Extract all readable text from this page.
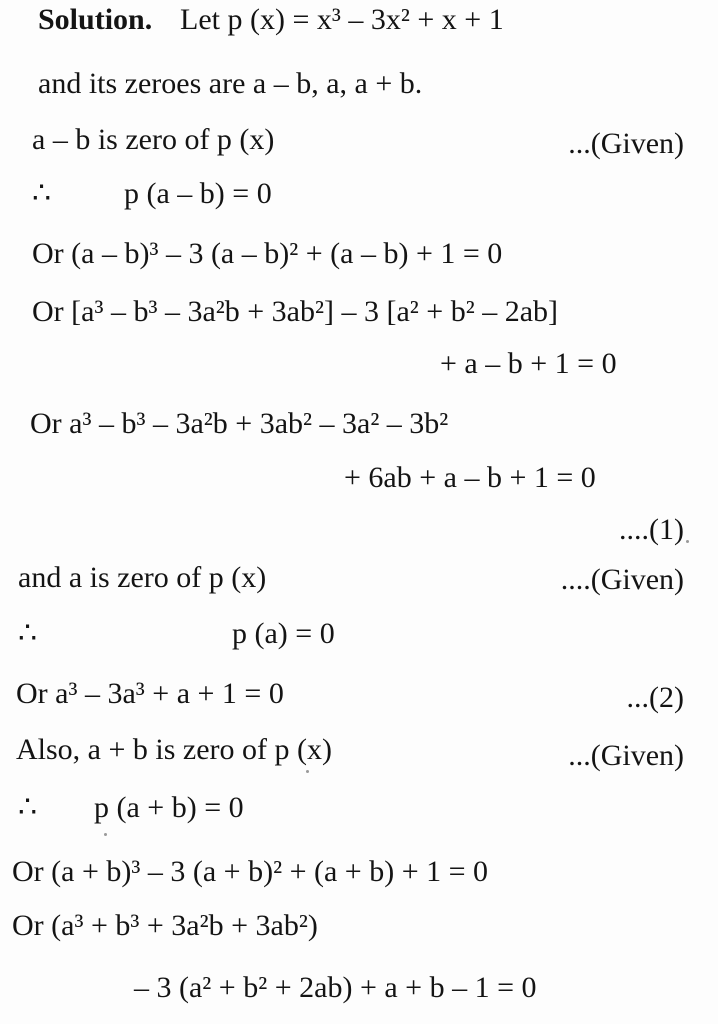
Solution. Let p (x) = x³ – 3x² + x + 1
and its zeroes are a – b, a, a + b.
a – b is zero of p (x)	...(Given)
∴ p (a – b) = 0
Or (a – b)³ – 3 (a – b)² + (a – b) + 1 = 0
Or [a³ – b³ – 3a²b + 3ab²] – 3 [a² + b² – 2ab]
+ a – b + 1 = 0
Or a³ – b³ – 3a²b + 3ab² – 3a² – 3b²
+ 6ab + a – b + 1 = 0
....(1)
and a is zero of p (x)	....(Given)
∴	p (a) = 0
Or a³ – 3a³ + a + 1 = 0	...(2)
Also, a + b is zero of p (x)	...(Given)
∴ p (a + b) = 0
Or (a + b)³ – 3 (a + b)² + (a + b) + 1 = 0
Or (a³ + b³ + 3a²b + 3ab²)
– 3 (a² + b² + 2ab) + a + b – 1 = 0
